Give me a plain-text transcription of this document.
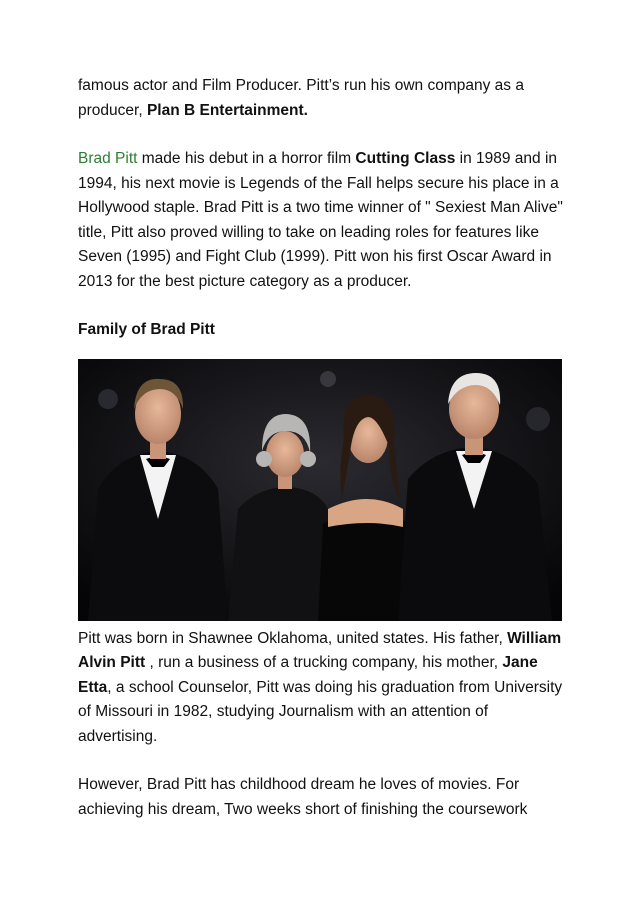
famous actor and Film Producer. Pitt’s run his own company as a producer, Plan B Entertainment.

Brad Pitt made his debut in a horror film Cutting Class in 1989 and in 1994, his next movie is Legends of the Fall helps secure his place in a Hollywood staple. Brad Pitt is a two time winner of " Sexiest Man Alive" title, Pitt also proved willing to take on leading roles for features like Seven (1995) and Fight Club (1999). Pitt won his first Oscar Award in 2013 for the best picture category as a producer.

Family of Brad Pitt

Pitt was born in Shawnee Oklahoma, united states. His father, William Alvin Pitt , run a business of a trucking company, his mother, Jane Etta, a school Counselor, Pitt was doing his graduation from University of Missouri in 1982, studying Journalism with an attention of advertising.

However, Brad Pitt has childhood dream he loves of movies. For achieving his dream, Two weeks short of finishing the coursework
